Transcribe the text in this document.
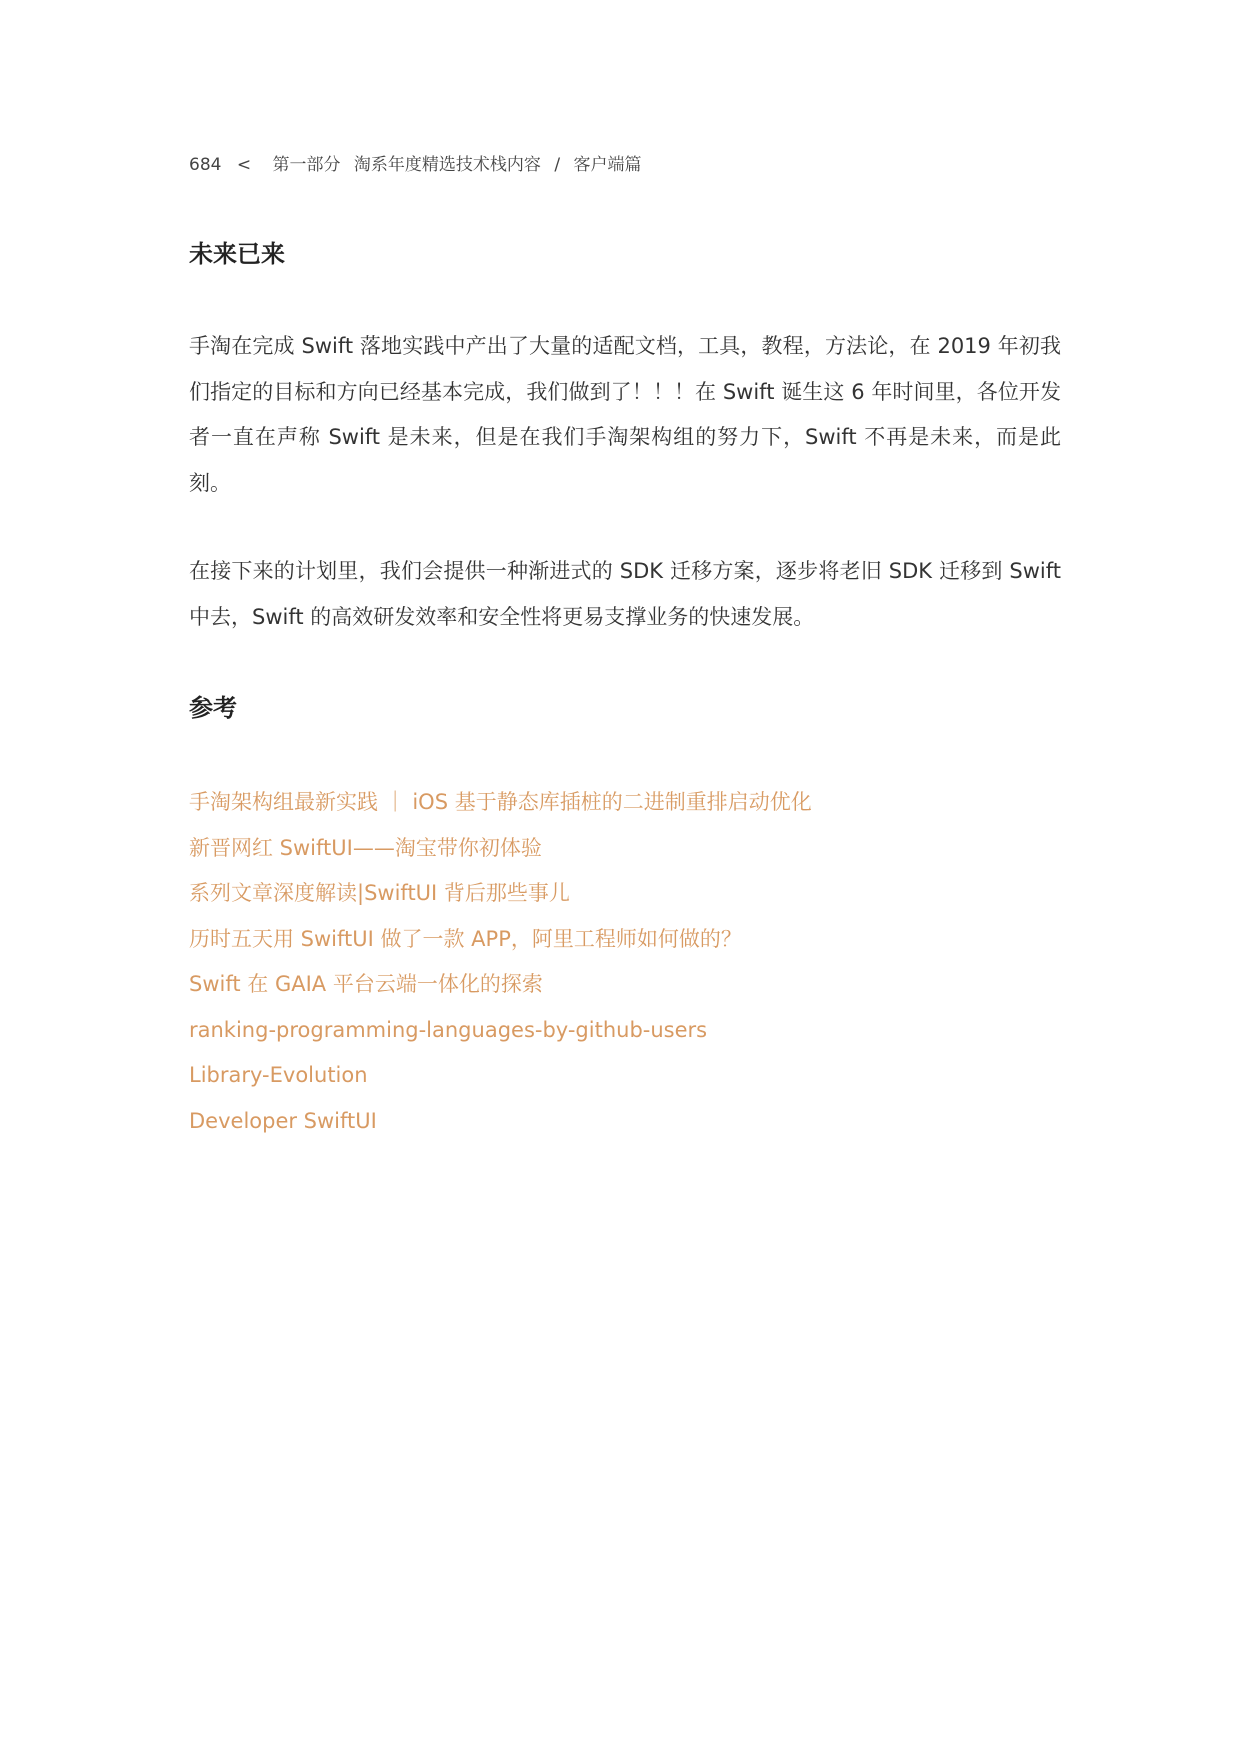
684 < 第一部分 淘系年度精选技术栈内容 / 客户端篇
未来已来

手淘在完成 Swift 落地实践中产出了大量的适配文档，工具，教程，方法论，在 2019 年初我们指定的目标和方向已经基本完成，我们做到了！！！在 Swift 诞生这 6 年时间里，各位开发者一直在声称 Swift 是未来，但是在我们手淘架构组的努力下，Swift 不再是未来，而是此刻。

在接下来的计划里，我们会提供一种渐进式的 SDK 迁移方案，逐步将老旧 SDK 迁移到 Swift 中去，Swift 的高效研发效率和安全性将更易支撑业务的快速发展。

参考
手淘架构组最新实践 ｜ iOS 基于静态库插桩的二进制重排启动优化
新晋网红 SwiftUI——淘宝带你初体验
系列文章深度解读|SwiftUI 背后那些事儿
历时五天用 SwiftUI 做了一款 APP，阿里工程师如何做的？
Swift 在 GAIA 平台云端一体化的探索
ranking-programming-languages-by-github-users
Library-Evolution
Developer SwiftUI
